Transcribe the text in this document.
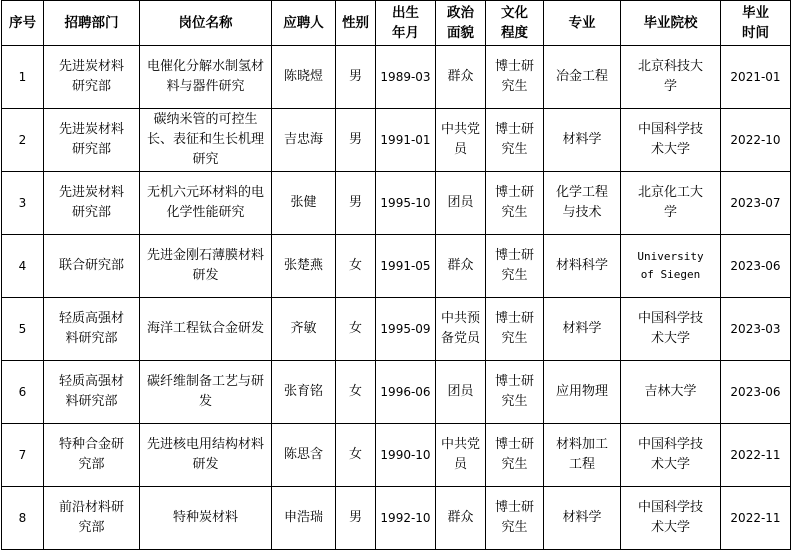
序号	招聘部门	岗位名称	应聘人	性别	出生年月	政治面貌	文化程度	专业	毕业院校	毕业时间
1	先进炭材料研究部	电催化分解水制氢材料与器件研究	陈晓煜	男	1989-03	群众	博士研究生	冶金工程	北京科技大学	2021-01
2	先进炭材料研究部	碳纳米管的可控生长、表征和生长机理研究	吉忠海	男	1991-01	中共党员	博士研究生	材料学	中国科学技术大学	2022-10
3	先进炭材料研究部	无机六元环材料的电化学性能研究	张健	男	1995-10	团员	博士研究生	化学工程与技术	北京化工大学	2023-07
4	联合研究部	先进金刚石薄膜材料研发	张楚燕	女	1991-05	群众	博士研究生	材料科学	University of Siegen	2023-06
5	轻质高强材料研究部	海洋工程钛合金研发	齐敏	女	1995-09	中共预备党员	博士研究生	材料学	中国科学技术大学	2023-03
6	轻质高强材料研究部	碳纤维制备工艺与研发	张育铭	女	1996-06	团员	博士研究生	应用物理	吉林大学	2023-06
7	特种合金研究部	先进核电用结构材料研发	陈思含	女	1990-10	中共党员	博士研究生	材料加工工程	中国科学技术大学	2022-11
8	前沿材料研究部	特种炭材料	申浩瑞	男	1992-10	群众	博士研究生	材料学	中国科学技术大学	2022-11
